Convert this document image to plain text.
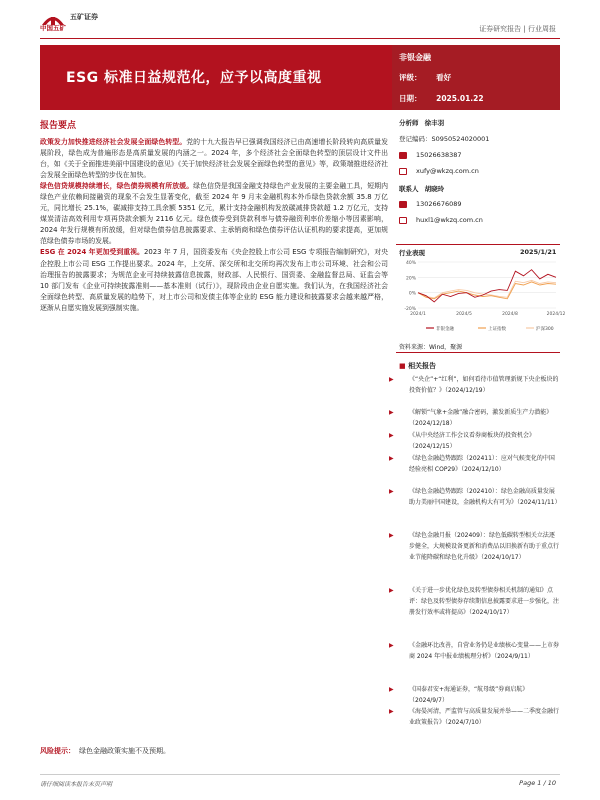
中国五矿
五矿证券
证券研究报告 | 行业周报
ESG 标准日益规范化，应予以高度重视
非银金融
评级： 看好
日期： 2025.01.22
报告要点

政策发力加快推进经济社会发展全面绿色转型。党的十九大报告早已强调我国经济已由高速增长阶段转向高质量发展阶段，绿色成为普遍形态是高质量发展的内涵之一。2024 年，多个经济社会全面绿色转型的顶层设计文件出台，如《关于全面推进美丽中国建设的意见》《关于加快经济社会发展全面绿色转型的意见》等，政策端推进经济社会发展全面绿色转型的步伐在加快。

绿色信贷规模持续增长，绿色债券规模有所放缓。绿色信贷是我国金融支持绿色产业发展的主要金融工具，短期内绿色产业依赖间接融资的现象不会发生显著变化，截至 2024 年 9 月末金融机构本外币绿色贷款余额 35.8 万亿元，同比增长 25.1%，碳减排支持工具余额 5351 亿元，累计支持金融机构发放碳减排贷款超 1.2 万亿元，支持煤炭清洁高效利用专项再贷款余额为 2116 亿元。绿色债券受到贷款利率与债券融资利率价差缩小等因素影响，2024 年发行规模有所放缓，但对绿色债券信息披露要求、主承销商和绿色债券评估认证机构的要求提高，更加规范绿色债券市场的发展。

ESG 在 2024 年更加受到重视。2023 年 7 月，国资委发布《央企控股上市公司 ESG 专项报告编制研究》，对央企控股上市公司 ESG 工作提出要求。2024 年，上交所、深交所和北交所均再次发布上市公司环境、社会和公司治理报告的披露要求；为规范企业可持续披露信息披露，财政部、人民银行、国资委、金融监督总局、证监会等 10 部门发布《企业可持续披露准则——基本准则（试行）》，现阶段由企业自愿实施。我们认为，在我国经济社会全面绿色转型、高质量发展的趋势下，对上市公司和发债主体等企业的 ESG 能力建设和披露要求会越来越严格，逐渐从自愿实施发展到强制实施。

风险提示： 绿色金融政策实施不及预期。
分析师 徐丰羽
登记编码：S0950524020001
15026638387
xufy@wkzq.com.cn
联系人 胡晓玲
13026676089
huxl1@wkzq.com.cn
行业表现	2025/1/21
40%
20%
0%
-20%
2024/1	2024/5	2024/8	2024/12
非银金融	上证指数	沪深300
资料来源：Wind，聚源
■ 相关报告
▶	《“央企”+“红利”，如何看待市值管理新规下央企板块的投资价值？》（2024/12/19）
▶	《解锁“气象+金融”融合密码，激发新质生产力潜能》（2024/12/18）
▶	《从中央经济工作会议看券商板块的投资机会》（2024/12/15）
▶	《绿色金融趋势跟踪（202411）：应对气候变化的中国经验亮相 COP29》（2024/12/10）
▶	《绿色金融趋势跟踪（202410）：绿色金融高质量发展助力美丽中国建设，金融机构大有可为》（2024/11/11）
▶	《绿色金融月报（202409）：绿色低碳转型相关立法逐步健全，大规模设备更新和消费品以旧换新有助于重点行业节能降碳和绿色化升级》（2024/10/17）
▶	《关于进一步优化绿色及转型债券相关机制的通知》点评：绿色及转型债券存续期信息披露要求进一步强化，注册发行效率或将提高》（2024/10/17）
▶	《金融环比改善，自营业务仍是业绩核心变量——上市券商 2024 年中报业绩梳理分析》（2024/9/11）
▶	《国泰君安+海通证券，“航母级”券商启航》（2024/9/7）
▶	《海晏河清，严监管与高质量发展并举——二季度金融行业政策报告》（2024/7/10）
请仔细阅读本报告末页声明	Page 1 / 10
